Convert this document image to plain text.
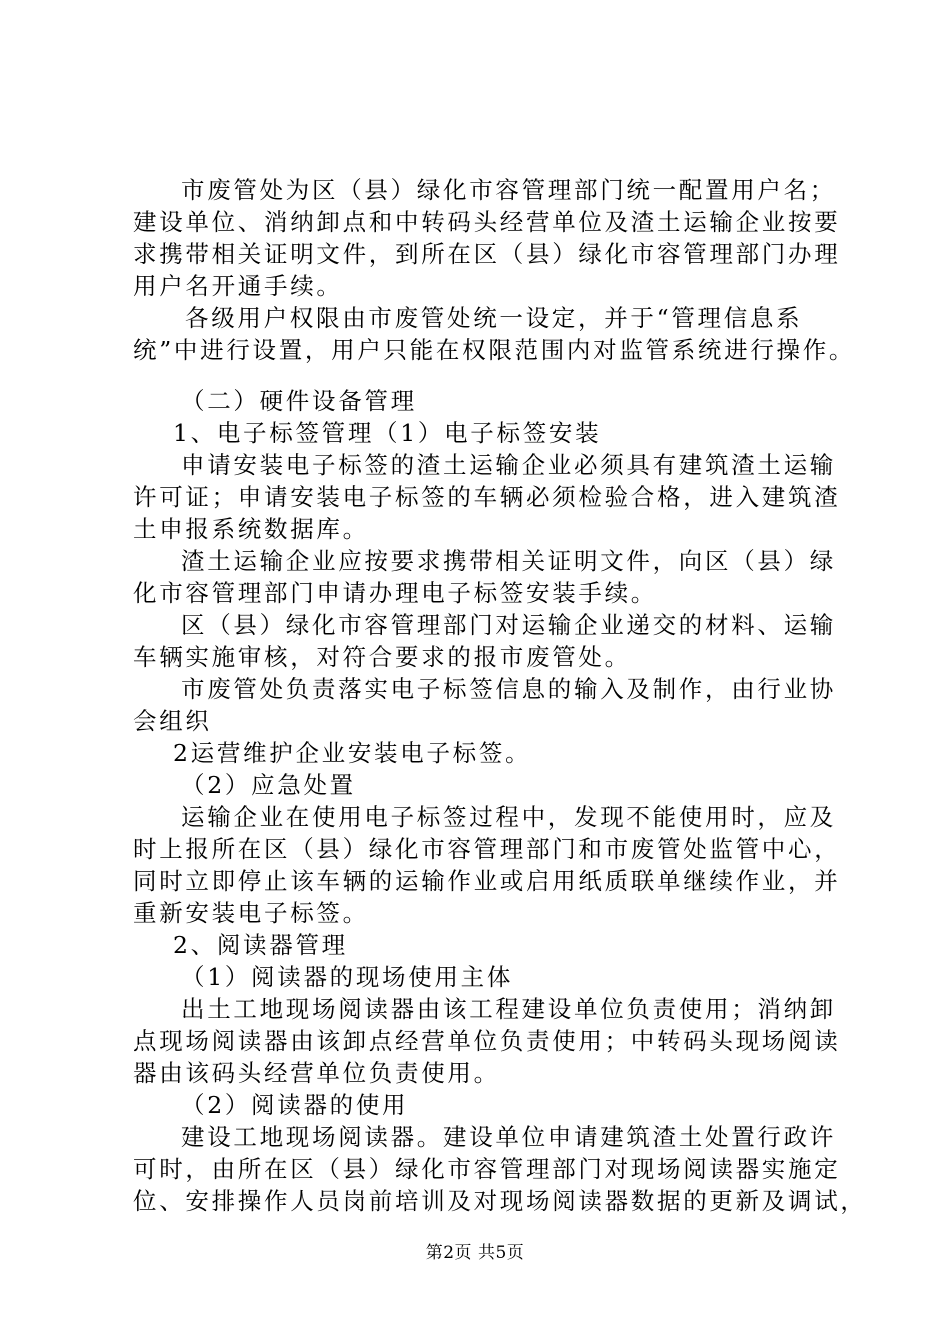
市废管处为区（县）绿化市容管理部门统一配置用户名；
建设单位、消纳卸点和中转码头经营单位及渣土运输企业按要
求携带相关证明文件，到所在区（县）绿化市容管理部门办理
用户名开通手续。
各级用户权限由市废管处统一设定，并于“管理信息系
统”中进行设置，用户只能在权限范围内对监管系统进行操作。
（二）硬件设备管理
1、电子标签管理（1）电子标签安装
申请安装电子标签的渣土运输企业必须具有建筑渣土运输
许可证；申请安装电子标签的车辆必须检验合格，进入建筑渣
土申报系统数据库。
渣土运输企业应按要求携带相关证明文件，向区（县）绿
化市容管理部门申请办理电子标签安装手续。
区（县）绿化市容管理部门对运输企业递交的材料、运输
车辆实施审核，对符合要求的报市废管处。
市废管处负责落实电子标签信息的输入及制作，由行业协
会组织
2运营维护企业安装电子标签。
（2）应急处置
运输企业在使用电子标签过程中，发现不能使用时，应及
时上报所在区（县）绿化市容管理部门和市废管处监管中心，
同时立即停止该车辆的运输作业或启用纸质联单继续作业，并
重新安装电子标签。
2、阅读器管理
（1）阅读器的现场使用主体
出土工地现场阅读器由该工程建设单位负责使用；消纳卸
点现场阅读器由该卸点经营单位负责使用；中转码头现场阅读
器由该码头经营单位负责使用。
（2）阅读器的使用
建设工地现场阅读器。建设单位申请建筑渣土处置行政许
可时，由所在区（县）绿化市容管理部门对现场阅读器实施定
位、安排操作人员岗前培训及对现场阅读器数据的更新及调试，
第2页 共5页
